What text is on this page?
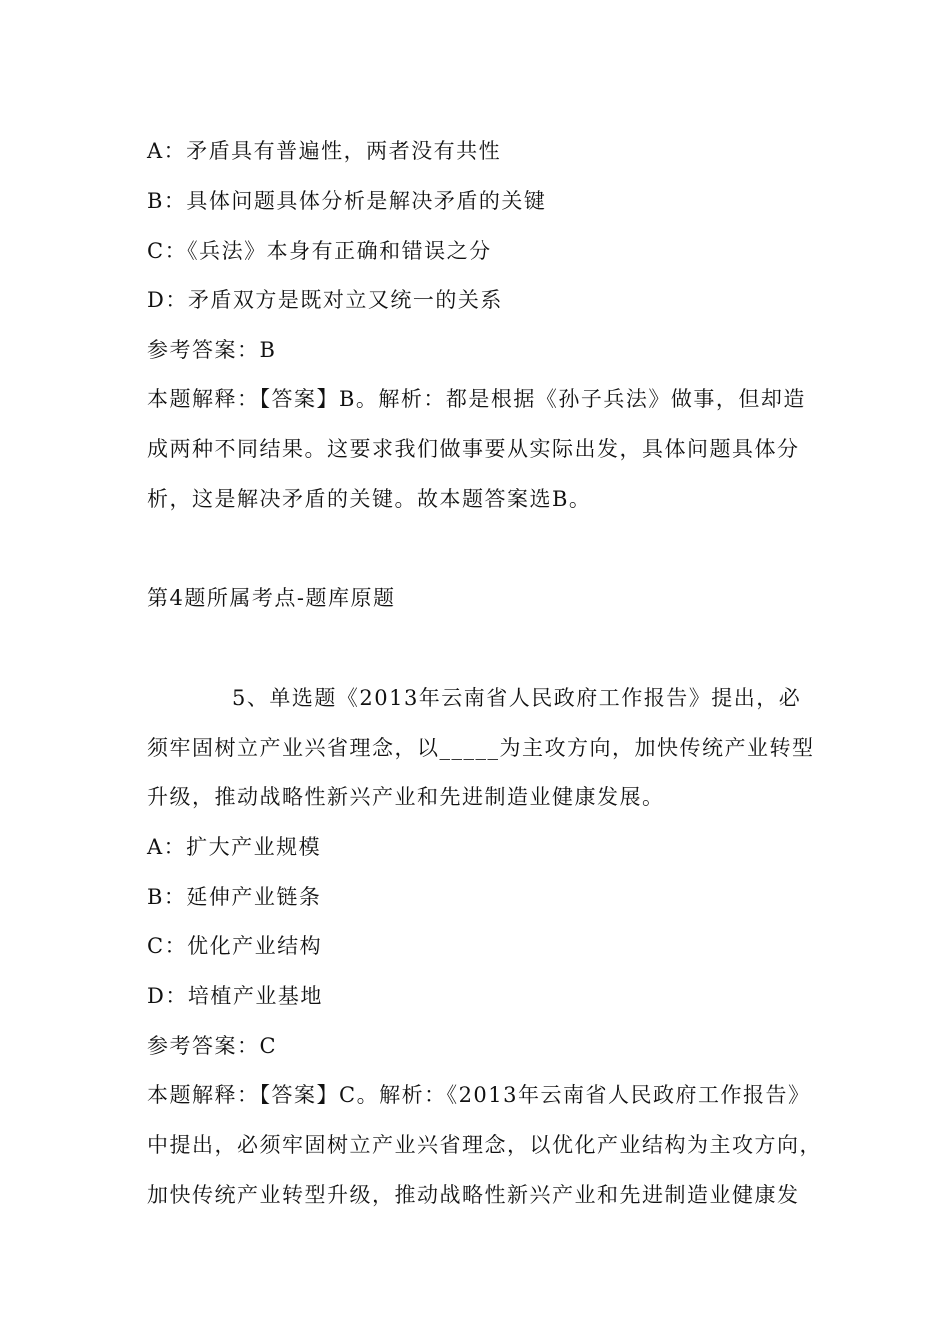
A：矛盾具有普遍性，两者没有共性
B：具体问题具体分析是解决矛盾的关键
C：《兵法》本身有正确和错误之分
D：矛盾双方是既对立又统一的关系
参考答案：B
本题解释：【答案】B。解析：都是根据《孙子兵法》做事，但却造
成两种不同结果。这要求我们做事要从实际出发，具体问题具体分
析，这是解决矛盾的关键。故本题答案选B。
第4题所属考点-题库原题
5、单选题《2013年云南省人民政府工作报告》提出，必
须牢固树立产业兴省理念，以_____为主攻方向，加快传统产业转型
升级，推动战略性新兴产业和先进制造业健康发展。
A：扩大产业规模
B：延伸产业链条
C：优化产业结构
D：培植产业基地
参考答案：C
本题解释：【答案】C。解析：《2013年云南省人民政府工作报告》
中提出，必须牢固树立产业兴省理念，以优化产业结构为主攻方向，
加快传统产业转型升级，推动战略性新兴产业和先进制造业健康发
